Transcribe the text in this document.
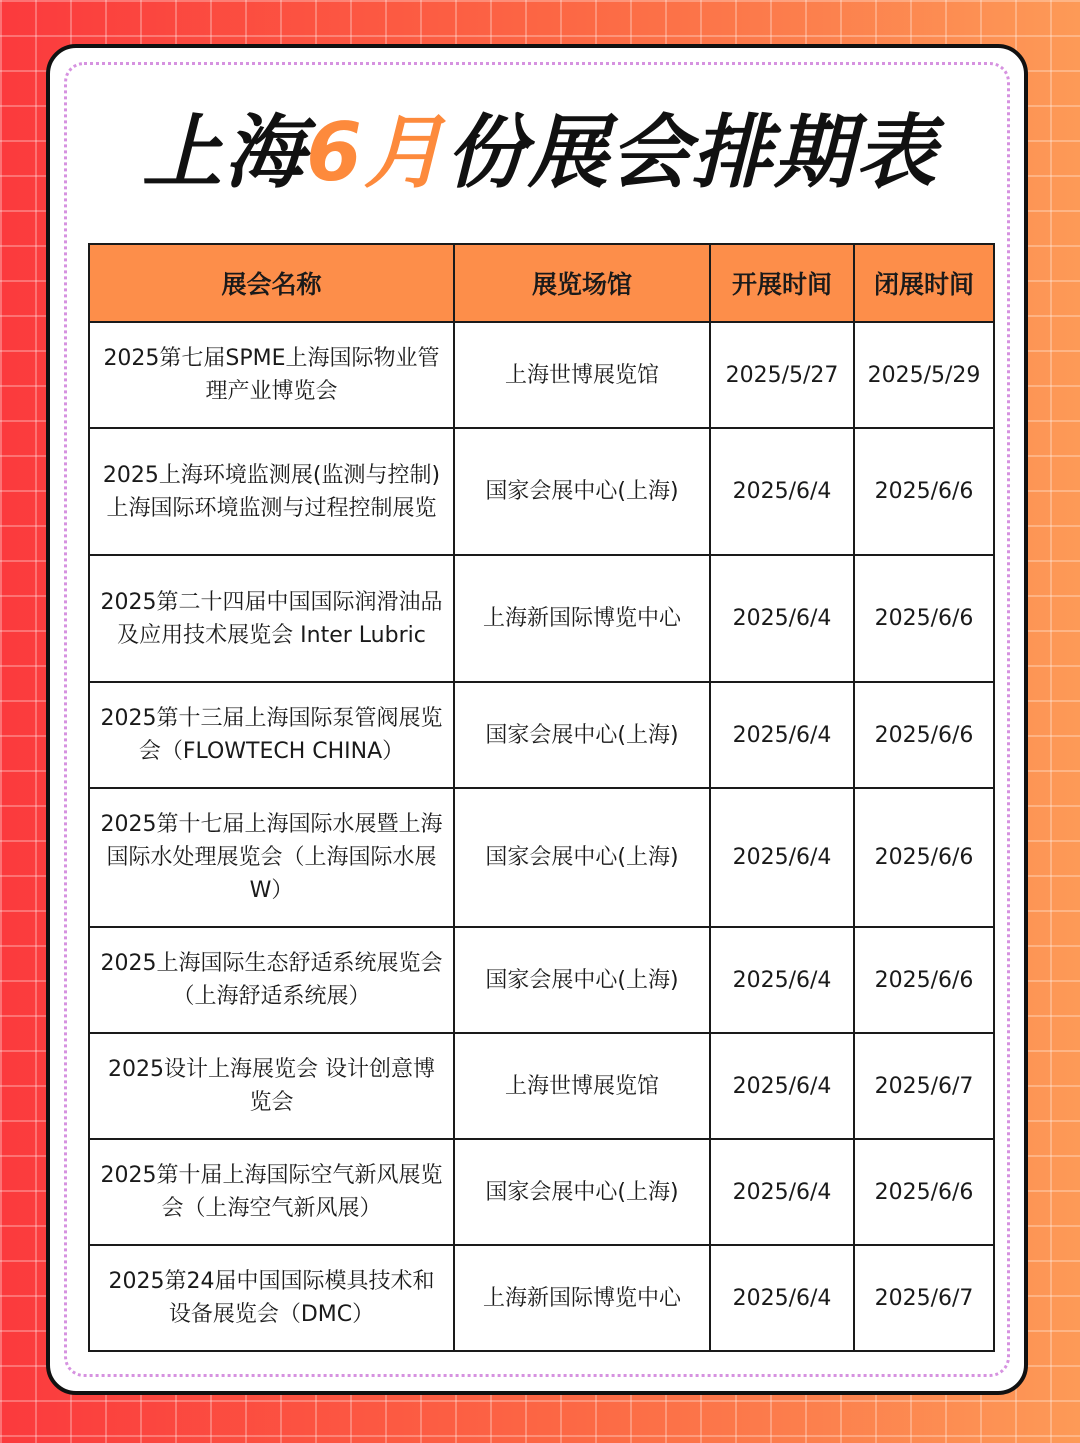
上海6月份展会排期表
展会名称	展览场馆	开展时间	闭展时间
2025第七届SPME上海国际物业管理产业博览会	上海世博展览馆	2025/5/27	2025/5/29
2025上海环境监测展(监测与控制) 上海国际环境监测与过程控制展览	国家会展中心(上海)	2025/6/4	2025/6/6
2025第二十四届中国国际润滑油品及应用技术展览会 Inter Lubric	上海新国际博览中心	2025/6/4	2025/6/6
2025第十三届上海国际泵管阀展览会（FLOWTECH CHINA）	国家会展中心(上海)	2025/6/4	2025/6/6
2025第十七届上海国际水展暨上海国际水处理展览会（上海国际水展W）	国家会展中心(上海)	2025/6/4	2025/6/6
2025上海国际生态舒适系统展览会（上海舒适系统展）	国家会展中心(上海)	2025/6/4	2025/6/6
2025设计上海展览会 设计创意博览会	上海世博展览馆	2025/6/4	2025/6/7
2025第十届上海国际空气新风展览会（上海空气新风展）	国家会展中心(上海)	2025/6/4	2025/6/6
2025第24届中国国际模具技术和设备展览会（DMC）	上海新国际博览中心	2025/6/4	2025/6/7
